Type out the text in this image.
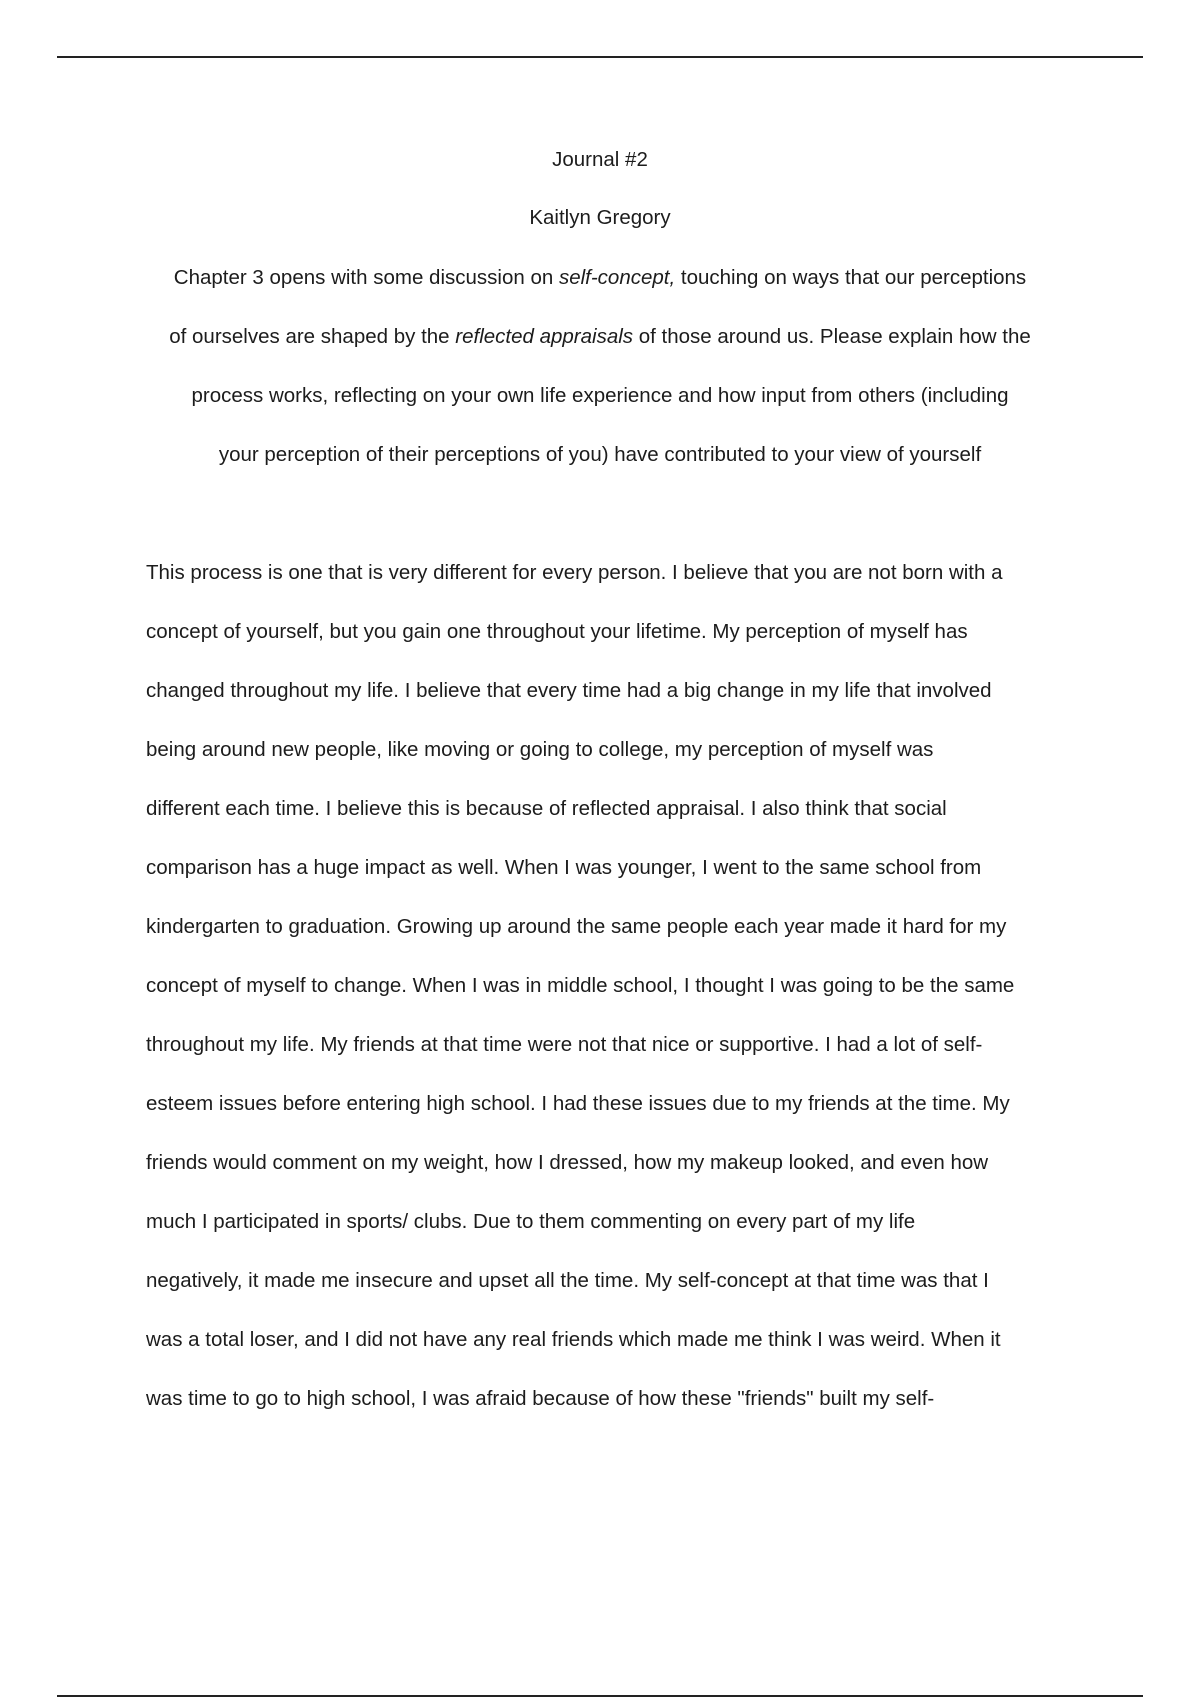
Journal #2
Kaitlyn Gregory
Chapter 3 opens with some discussion on self-concept, touching on ways that our perceptions
of ourselves are shaped by the reflected appraisals of those around us. Please explain how the
process works, reflecting on your own life experience and how input from others (including
your perception of their perceptions of you) have contributed to your view of yourself
This process is one that is very different for every person. I believe that you are not born with a
concept of yourself, but you gain one throughout your lifetime. My perception of myself has
changed throughout my life. I believe that every time had a big change in my life that involved
being around new people, like moving or going to college, my perception of myself was
different each time. I believe this is because of reflected appraisal. I also think that social
comparison has a huge impact as well. When I was younger, I went to the same school from
kindergarten to graduation. Growing up around the same people each year made it hard for my
concept of myself to change. When I was in middle school, I thought I was going to be the same
throughout my life. My friends at that time were not that nice or supportive. I had a lot of self-
esteem issues before entering high school. I had these issues due to my friends at the time. My
friends would comment on my weight, how I dressed, how my makeup looked, and even how
much I participated in sports/ clubs. Due to them commenting on every part of my life
negatively, it made me insecure and upset all the time. My self-concept at that time was that I
was a total loser, and I did not have any real friends which made me think I was weird. When it
was time to go to high school, I was afraid because of how these "friends" built my self-
